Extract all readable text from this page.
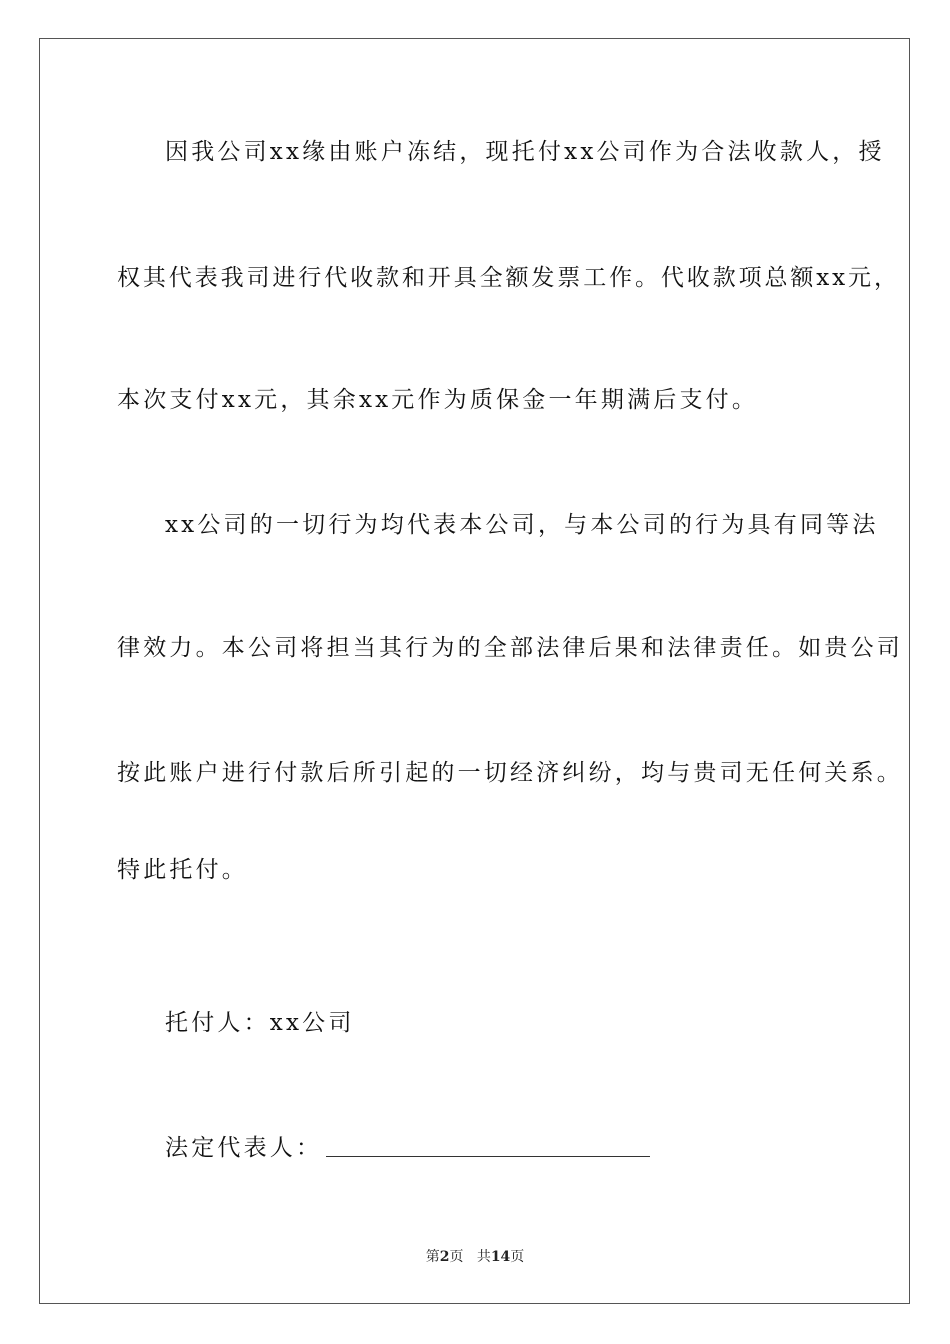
因我公司xx缘由账户冻结，现托付xx公司作为合法收款人，授
权其代表我司进行代收款和开具全额发票工作。代收款项总额xx元，
本次支付xx元，其余xx元作为质保金一年期满后支付。
xx公司的一切行为均代表本公司，与本公司的行为具有同等法
律效力。本公司将担当其行为的全部法律后果和法律责任。如贵公司
按此账户进行付款后所引起的一切经济纠纷，均与贵司无任何关系。
特此托付。
托付人：xx公司
法定代表人：
第2页 共14页
